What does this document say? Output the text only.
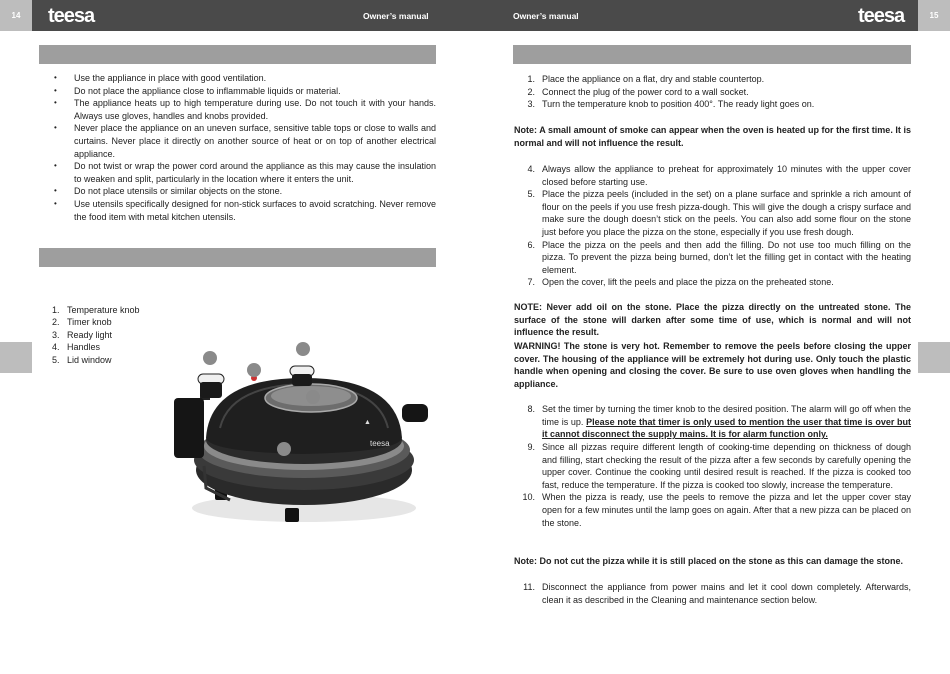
14	teesa	Owner’s manual	Owner’s manual	teesa	15
• Use the appliance in place with good ventilation.
• Do not place the appliance close to inflammable liquids or material.
• The appliance heats up to high temperature during use. Do not touch it with your hands. Always use gloves, handles and knobs provided.
• Never place the appliance on an uneven surface, sensitive table tops or close to walls and curtains. Never place it directly on another source of heat or on top of another electrical appliance.
• Do not twist or wrap the power cord around the appliance as this may cause the insulation to weaken and split, particularly in the location where it enters the unit.
• Do not place utensils or similar objects on the stone.
• Use utensils specifically designed for non-stick surfaces to avoid scratching. Never remove the food item with metal kitchen utensils.
1. Temperature knob
2. Timer knob
3. Ready light
4. Handles
5. Lid window
▲
teesa
1. Place the appliance on a flat, dry and stable countertop.
2. Connect the plug of the power cord to a wall socket.
3. Turn the temperature knob to position 400°. The ready light goes on.
Note: A small amount of smoke can appear when the oven is heated up for the first time. It is normal and will not influence the result.
4. Always allow the appliance to preheat for approximately 10 minutes with the upper cover closed before starting use.
5. Place the pizza peels (included in the set) on a plane surface and sprinkle a rich amount of flour on the peels if you use fresh pizza-dough. This will give the dough a crispy surface and make sure the dough doesn’t stick on the peels. You can also add some flour on the stone just before you place the pizza on the stone, especially if you use fresh dough.
6. Place the pizza on the peels and then add the filling. Do not use too much filling on the pizza. To prevent the pizza being burned, don’t let the filling get in contact with the heating element.
7. Open the cover, lift the peels and place the pizza on the preheated stone.
NOTE: Never add oil on the stone. Place the pizza directly on the untreated stone. The surface of the stone will darken after some time of use, which is normal and will not influence the result.
WARNING! The stone is very hot. Remember to remove the peels before closing the upper cover. The housing of the appliance will be extremely hot during use. Only touch the plastic handle when opening and closing the cover. Be sure to use oven gloves when handling the appliance.
8. Set the timer by turning the timer knob to the desired position. The alarm will go off when the time is up. Please note that timer is only used to mention the user that time is over but it cannot disconnect the supply mains. It is for alarm function only.
9. Since all pizzas require different length of cooking-time depending on thickness of dough and filling, start checking the result of the pizza after a few seconds by carefully opening the upper cover. Continue the cooking until desired result is reached. If the pizza is cooked too fast, reduce the temperature. If the pizza is cooked too slowly, increase the temperature.
10. When the pizza is ready, use the peels to remove the pizza and let the upper cover stay open for a few minutes until the lamp goes on again. After that a new pizza can be placed on the stone.
Note: Do not cut the pizza while it is still placed on the stone as this can damage the stone.
11. Disconnect the appliance from power mains and let it cool down completely. Afterwards, clean it as described in the Cleaning and maintenance section below.
